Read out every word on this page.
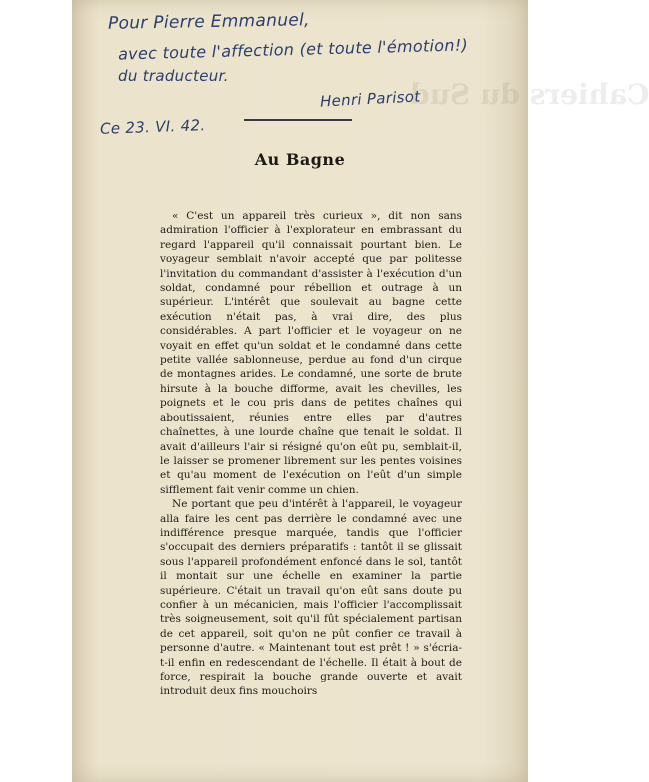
Cahiers du Sud
Pour Pierre Emmanuel,
avec toute l'affection (et toute l'émotion!)
du traducteur.
Henri Parisot
Ce 23. VI. 42.
Au Bagne

« C'est un appareil très curieux », dit non sans admiration l'officier à l'explorateur en embrassant du regard l'appareil qu'il connaissait pourtant bien. Le voyageur semblait n'avoir accepté que par politesse l'invitation du commandant d'assister à l'exécution d'un soldat, condamné pour rébellion et outrage à un supérieur. L'intérêt que soulevait au bagne cette exécution n'était pas, à vrai dire, des plus considérables. A part l'officier et le voyageur on ne voyait en effet qu'un soldat et le condamné dans cette petite vallée sablonneuse, perdue au fond d'un cirque de montagnes arides. Le condamné, une sorte de brute hirsute à la bouche difforme, avait les chevilles, les poignets et le cou pris dans de petites chaînes qui aboutissaient, réunies entre elles par d'autres chaînettes, à une lourde chaîne que tenait le soldat. Il avait d'ailleurs l'air si résigné qu'on eût pu, semblait-il, le laisser se promener librement sur les pentes voisines et qu'au moment de l'exécution on l'eût d'un simple sifflement fait venir comme un chien.

Ne portant que peu d'intérêt à l'appareil, le voyageur alla faire les cent pas derrière le condamné avec une indifférence presque marquée, tandis que l'officier s'occupait des derniers préparatifs : tantôt il se glissait sous l'appareil profondément enfoncé dans le sol, tantôt il montait sur une échelle en examiner la partie supérieure. C'était un travail qu'on eût sans doute pu confier à un mécanicien, mais l'officier l'accomplissait très soigneusement, soit qu'il fût spécialement partisan de cet appareil, soit qu'on ne pût confier ce travail à personne d'autre. « Maintenant tout est prêt ! » s'écria-t-il enfin en redescendant de l'échelle. Il était à bout de force, respirait la bouche grande ouverte et avait introduit deux fins mouchoirs
